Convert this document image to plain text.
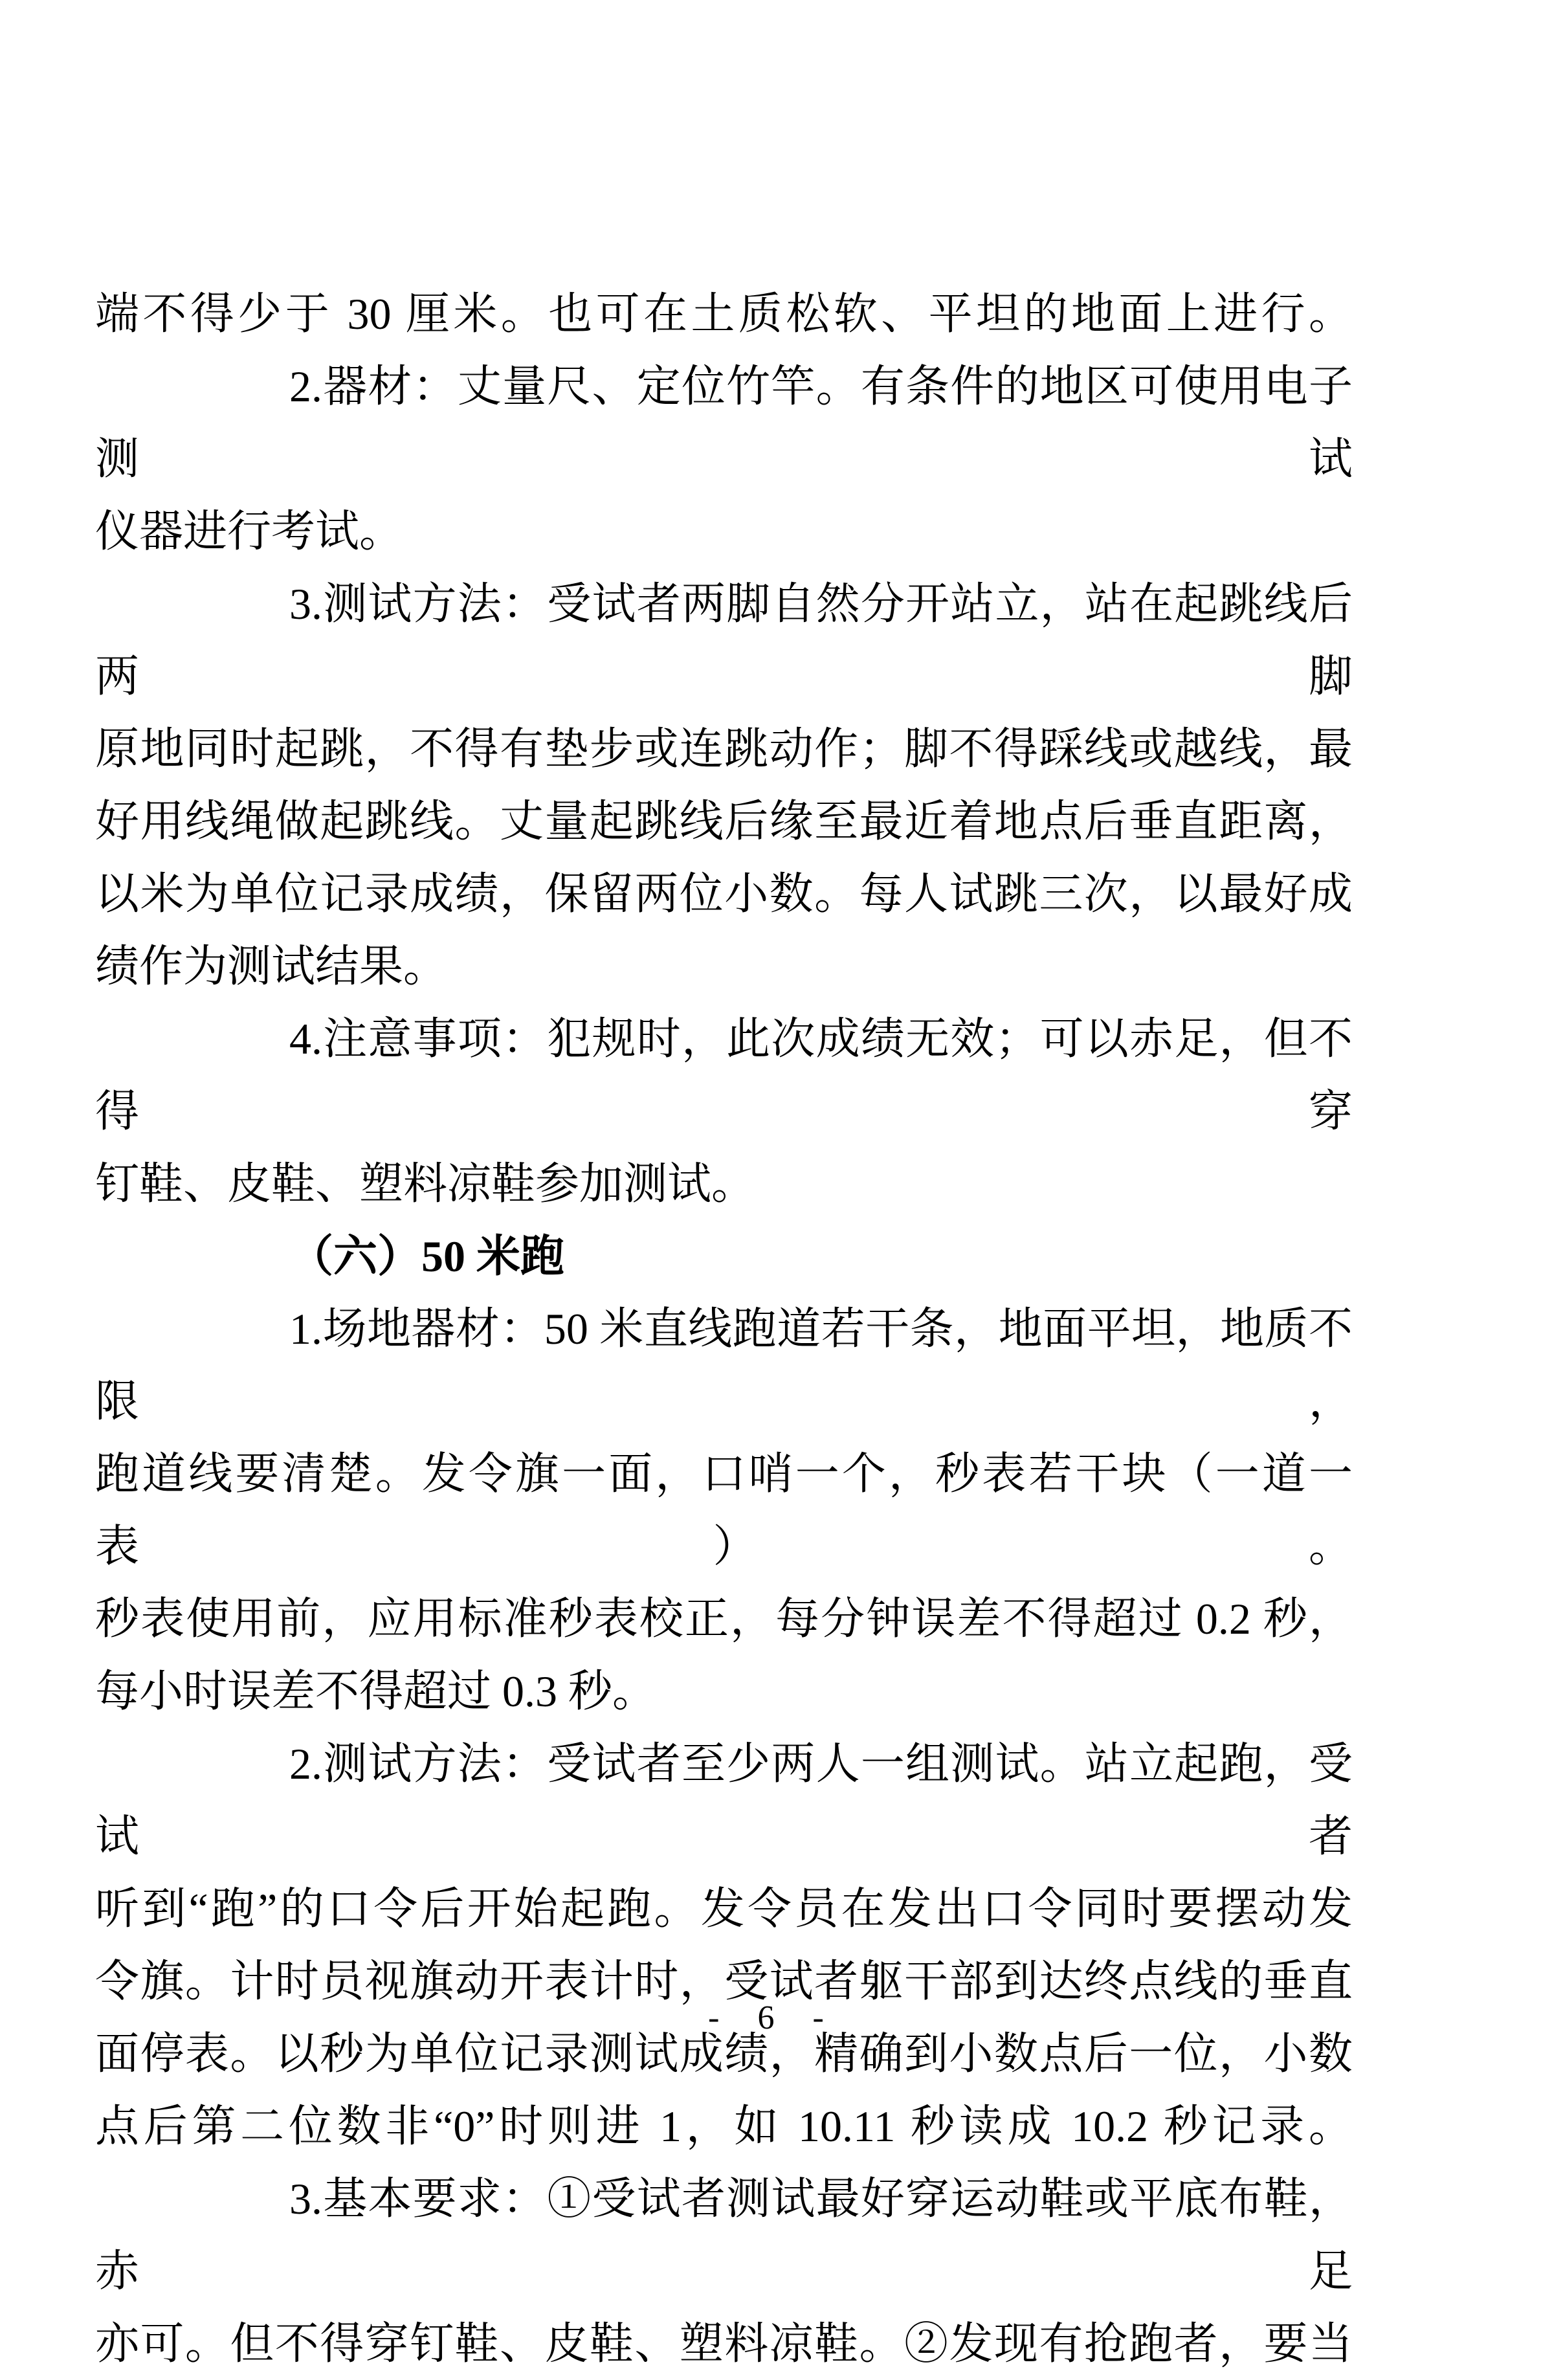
端不得少于 30 厘米。也可在土质松软、平坦的地面上进行。
2.器材：丈量尺、定位竹竿。有条件的地区可使用电子测试
仪器进行考试。
3.测试方法：受试者两脚自然分开站立，站在起跳线后两脚
原地同时起跳，不得有垫步或连跳动作；脚不得踩线或越线，最
好用线绳做起跳线。丈量起跳线后缘至最近着地点后垂直距离，
以米为单位记录成绩，保留两位小数。每人试跳三次，以最好成
绩作为测试结果。
4.注意事项：犯规时，此次成绩无效；可以赤足，但不得穿
钉鞋、皮鞋、塑料凉鞋参加测试。
（六）50 米跑
1.场地器材：50 米直线跑道若干条，地面平坦，地质不限，
跑道线要清楚。发令旗一面，口哨一个，秒表若干块（一道一表）。
秒表使用前，应用标准秒表校正，每分钟误差不得超过 0.2 秒，
每小时误差不得超过 0.3 秒。
2.测试方法：受试者至少两人一组测试。站立起跑，受试者
听到“跑”的口令后开始起跑。发令员在发出口令同时要摆动发
令旗。计时员视旗动开表计时，受试者躯干部到达终点线的垂直
面停表。以秒为单位记录测试成绩，精确到小数点后一位，小数
点后第二位数非“0”时则进 1，如 10.11 秒读成 10.2 秒记录。
3.基本要求：①受试者测试最好穿运动鞋或平底布鞋，赤足
亦可。但不得穿钉鞋、皮鞋、塑料凉鞋。②发现有抢跑者，要当
- 6 -
